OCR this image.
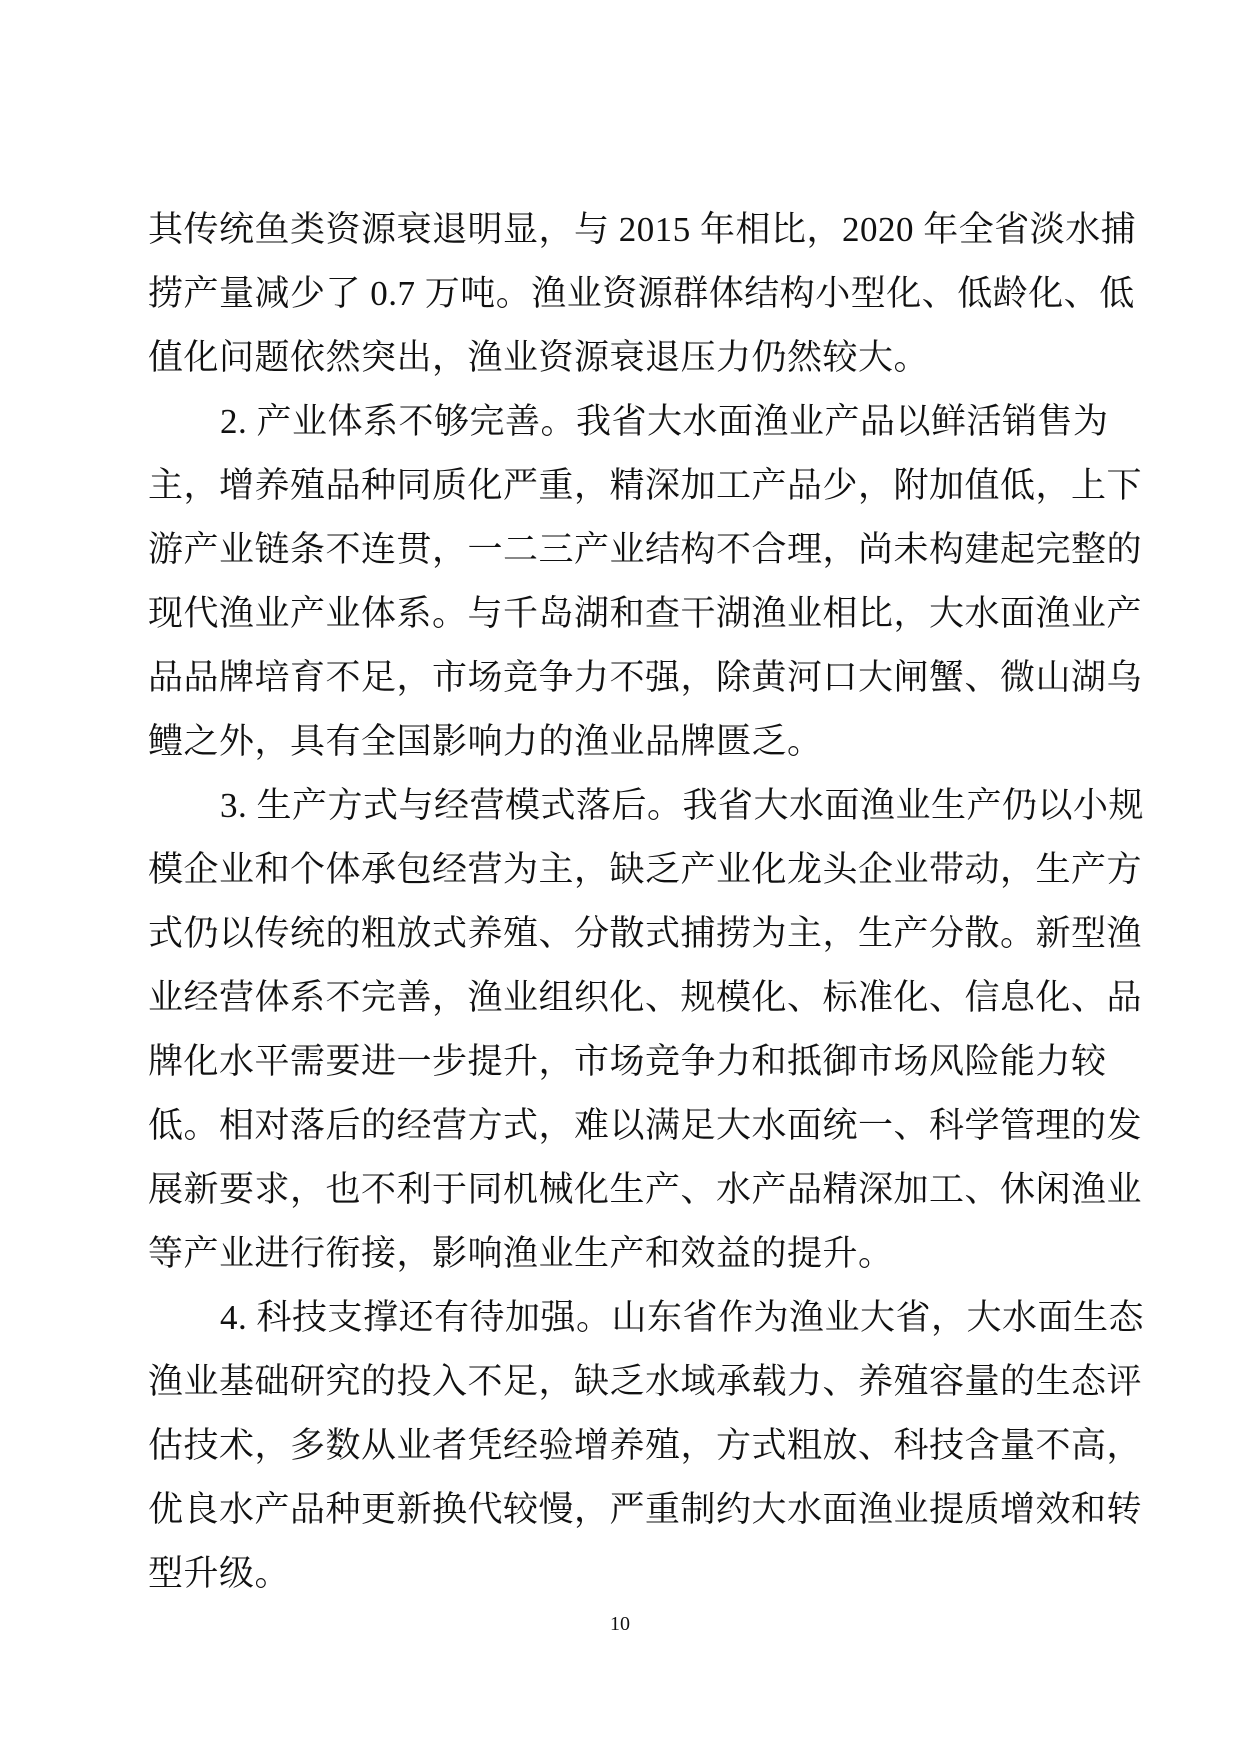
其传统鱼类资源衰退明显，与 2015 年相比，2020 年全省淡水捕
捞产量减少了 0.7 万吨。渔业资源群体结构小型化、低龄化、低
值化问题依然突出，渔业资源衰退压力仍然较大。
2. 产业体系不够完善。我省大水面渔业产品以鲜活销售为
主，增养殖品种同质化严重，精深加工产品少，附加值低，上下
游产业链条不连贯，一二三产业结构不合理，尚未构建起完整的
现代渔业产业体系。与千岛湖和查干湖渔业相比，大水面渔业产
品品牌培育不足，市场竞争力不强，除黄河口大闸蟹、微山湖乌
鳢之外，具有全国影响力的渔业品牌匮乏。
3. 生产方式与经营模式落后。我省大水面渔业生产仍以小规
模企业和个体承包经营为主，缺乏产业化龙头企业带动，生产方
式仍以传统的粗放式养殖、分散式捕捞为主，生产分散。新型渔
业经营体系不完善，渔业组织化、规模化、标准化、信息化、品
牌化水平需要进一步提升，市场竞争力和抵御市场风险能力较
低。相对落后的经营方式，难以满足大水面统一、科学管理的发
展新要求，也不利于同机械化生产、水产品精深加工、休闲渔业
等产业进行衔接，影响渔业生产和效益的提升。
4. 科技支撑还有待加强。山东省作为渔业大省，大水面生态
渔业基础研究的投入不足，缺乏水域承载力、养殖容量的生态评
估技术，多数从业者凭经验增养殖，方式粗放、科技含量不高，
优良水产品种更新换代较慢，严重制约大水面渔业提质增效和转
型升级。
10
